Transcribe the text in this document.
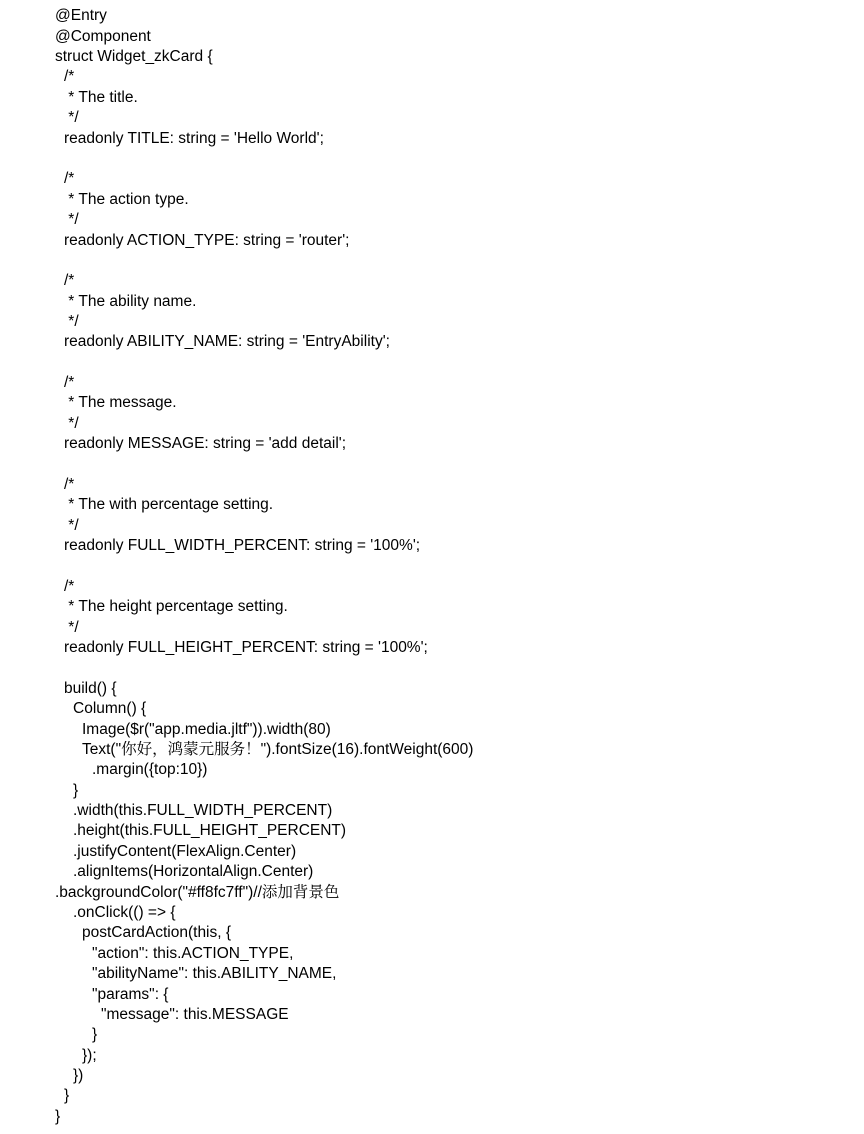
@Entry
@Component
struct Widget_zkCard {
/*
* The title.
*/
readonly TITLE: string = 'Hello World';
/*
* The action type.
*/
readonly ACTION_TYPE: string = 'router';
/*
* The ability name.
*/
readonly ABILITY_NAME: string = 'EntryAbility';
/*
* The message.
*/
readonly MESSAGE: string = 'add detail';
/*
* The with percentage setting.
*/
readonly FULL_WIDTH_PERCENT: string = '100%';
/*
* The height percentage setting.
*/
readonly FULL_HEIGHT_PERCENT: string = '100%';
build() {
Column() {
Image($r("app.media.jltf")).width(80)
Text("你好，鸿蒙元服务！").fontSize(16).fontWeight(600)
.margin({top:10})
}
.width(this.FULL_WIDTH_PERCENT)
.height(this.FULL_HEIGHT_PERCENT)
.justifyContent(FlexAlign.Center)
.alignItems(HorizontalAlign.Center)
.backgroundColor("#ff8fc7ff")//添加背景色
.onClick(() => {
postCardAction(this, {
"action": this.ACTION_TYPE,
"abilityName": this.ABILITY_NAME,
"params": {
"message": this.MESSAGE
}
});
})
}
}
